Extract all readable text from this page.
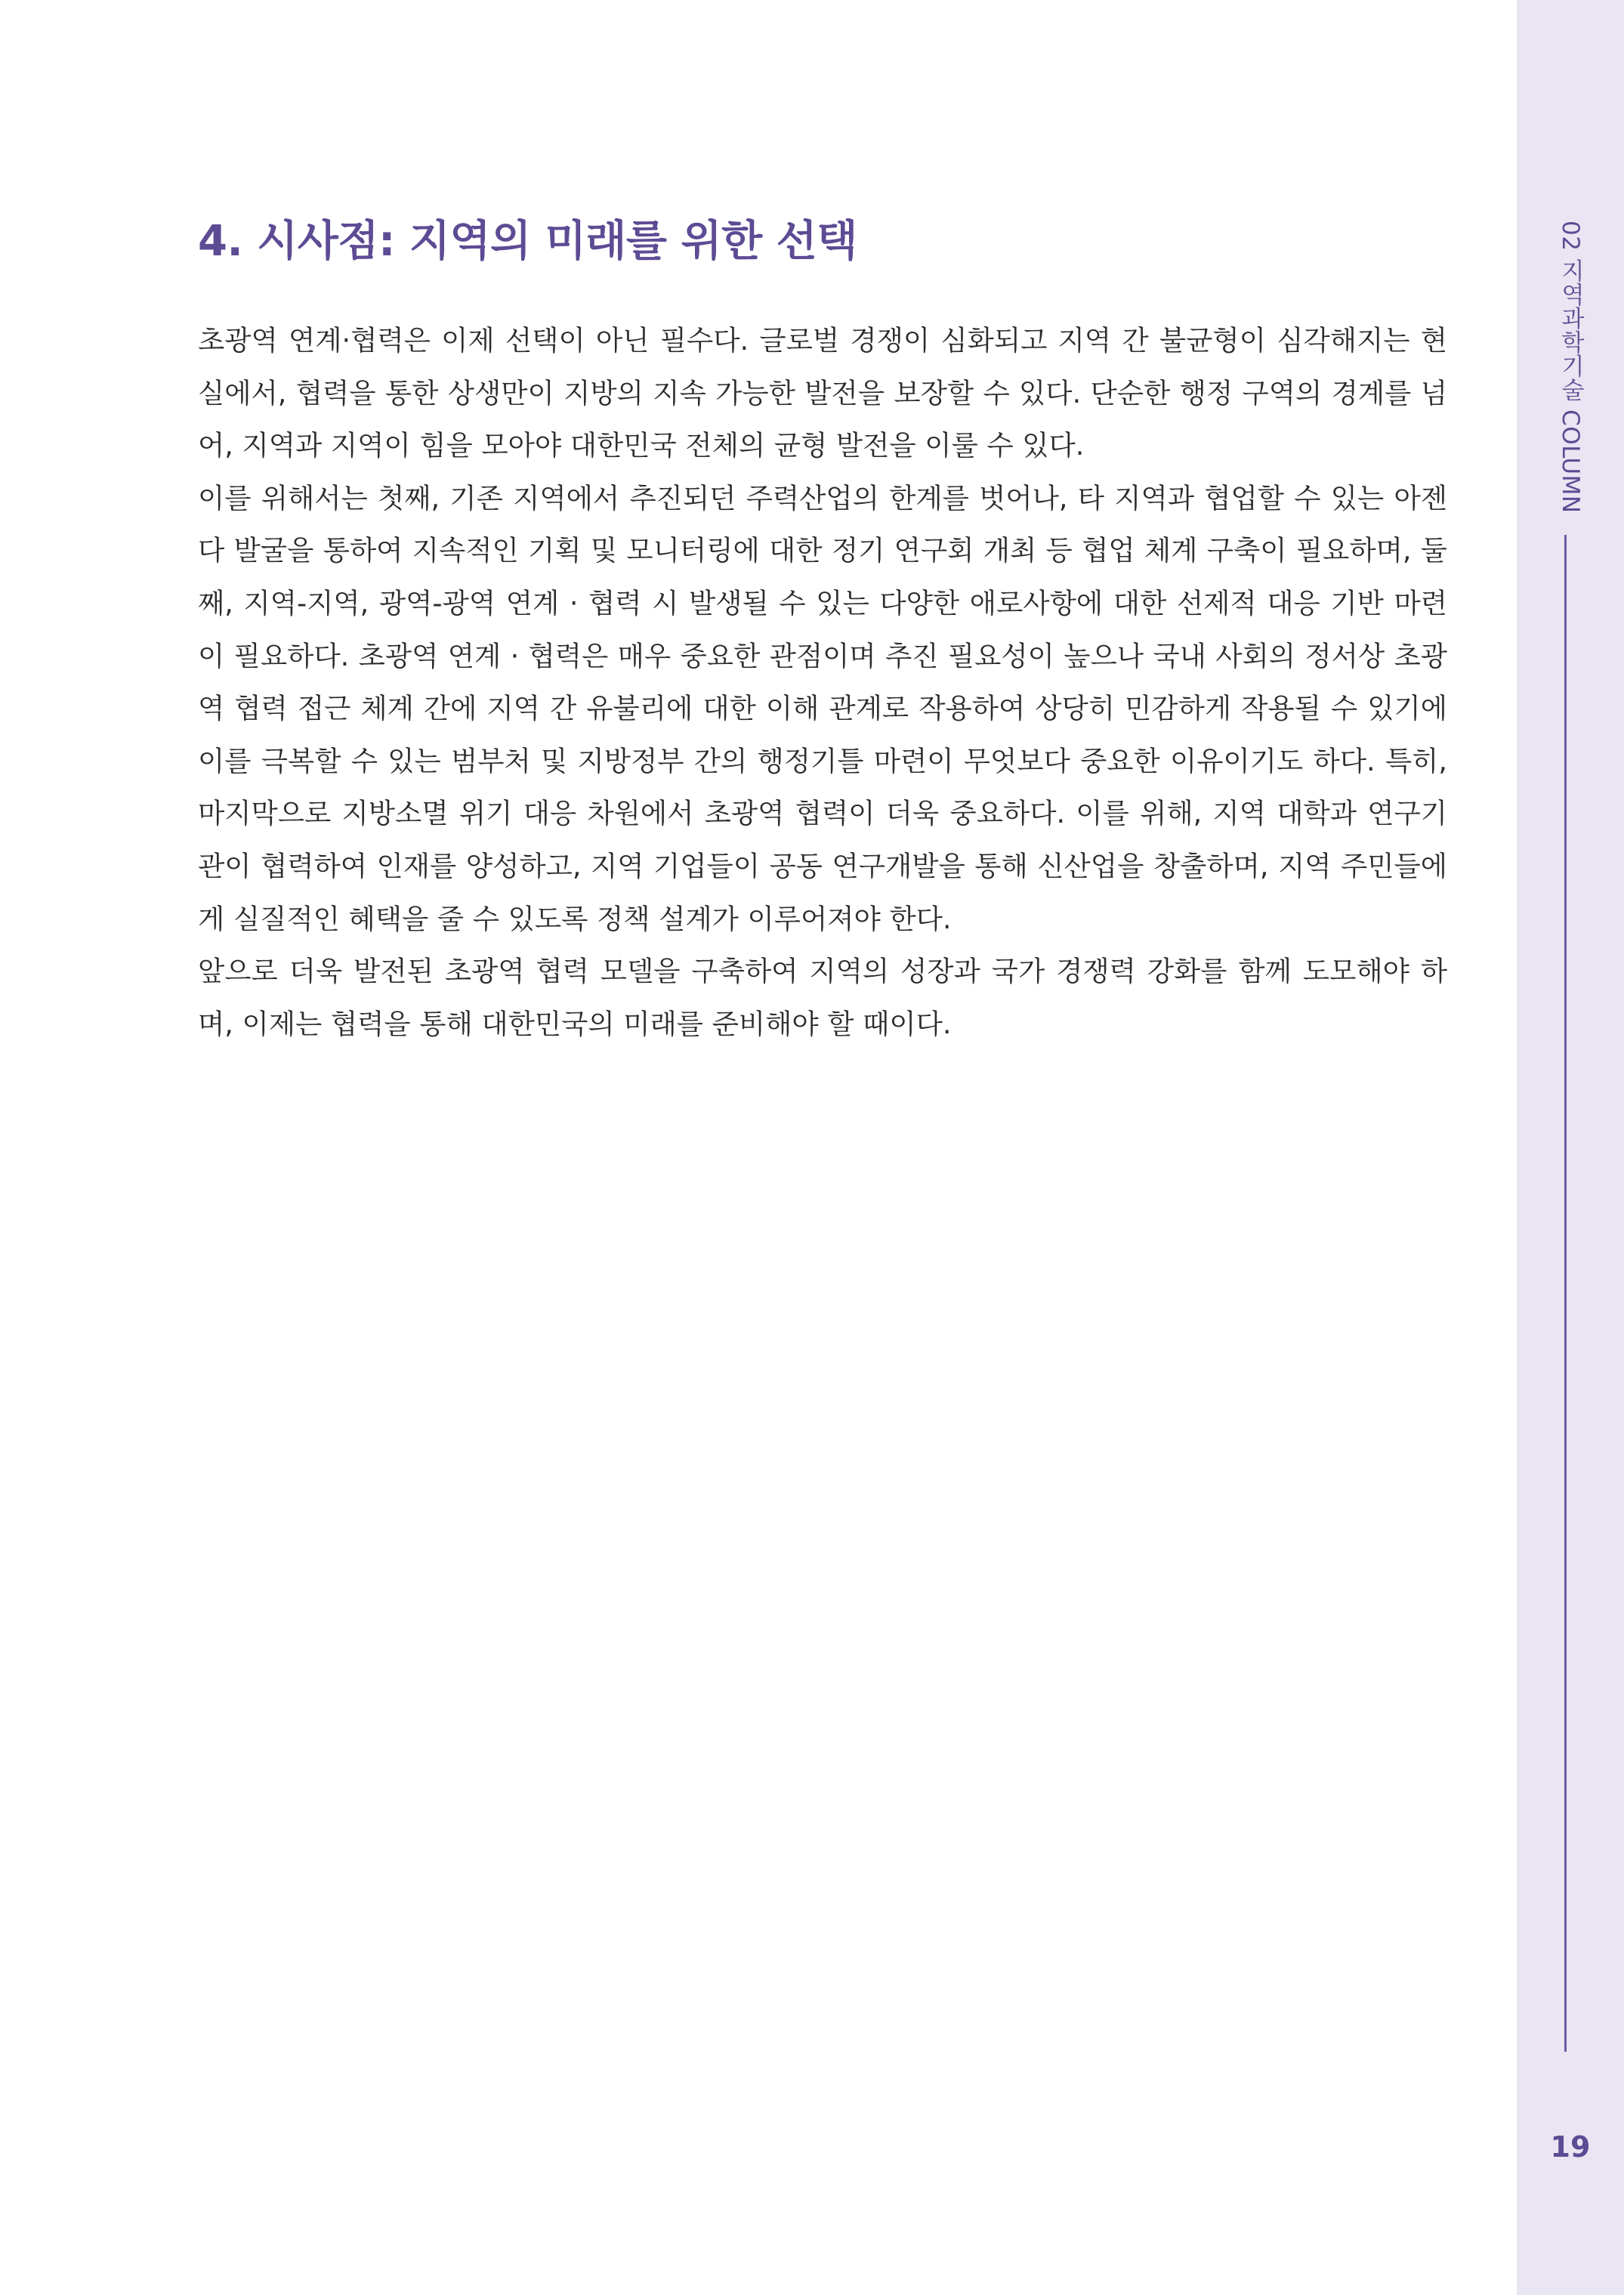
02 지역과학기술 COLUMN
19
4. 시사점: 지역의 미래를 위한 선택

초광역 연계·협력은 이제 선택이 아닌 필수다. 글로벌 경쟁이 심화되고 지역 간 불균형이 심각해지는 현실에서, 협력을 통한 상생만이 지방의 지속 가능한 발전을 보장할 수 있다. 단순한 행정 구역의 경계를 넘어, 지역과 지역이 힘을 모아야 대한민국 전체의 균형 발전을 이룰 수 있다.

이를 위해서는 첫째, 기존 지역에서 추진되던 주력산업의 한계를 벗어나, 타 지역과 협업할 수 있는 아젠다 발굴을 통하여 지속적인 기획 및 모니터링에 대한 정기 연구회 개최 등 협업 체계 구축이 필요하며, 둘째, 지역-지역, 광역-광역 연계 · 협력 시 발생될 수 있는 다양한 애로사항에 대한 선제적 대응 기반 마련이 필요하다. 초광역 연계 · 협력은 매우 중요한 관점이며 추진 필요성이 높으나 국내 사회의 정서상 초광역 협력 접근 체계 간에 지역 간 유불리에 대한 이해 관계로 작용하여 상당히 민감하게 작용될 수 있기에 이를 극복할 수 있는 범부처 및 지방정부 간의 행정기틀 마련이 무엇보다 중요한 이유이기도 하다. 특히, 마지막으로 지방소멸 위기 대응 차원에서 초광역 협력이 더욱 중요하다. 이를 위해, 지역 대학과 연구기관이 협력하여 인재를 양성하고, 지역 기업들이 공동 연구개발을 통해 신산업을 창출하며, 지역 주민들에게 실질적인 혜택을 줄 수 있도록 정책 설계가 이루어져야 한다.

앞으로 더욱 발전된 초광역 협력 모델을 구축하여 지역의 성장과 국가 경쟁력 강화를 함께 도모해야 하며, 이제는 협력을 통해 대한민국의 미래를 준비해야 할 때이다.
